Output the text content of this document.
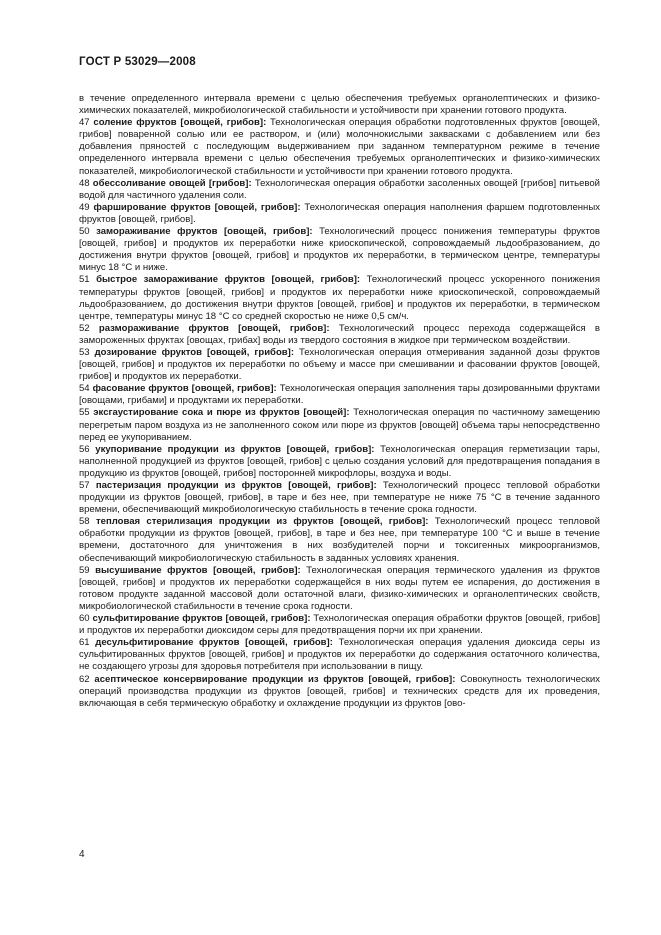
ГОСТ Р 53029—2008

в течение определенного интервала времени с целью обеспечения требуемых органолептических и физико-химических показателей, микробиологической стабильности и устойчивости при хранении готового продукта.

47 соление фруктов [овощей, грибов]: Технологическая операция обработки подготовленных фруктов [овощей, грибов] поваренной солью или ее раствором, и (или) молочнокислыми заквасками с добавлением или без добавления пряностей с последующим выдерживанием при заданном температурном режиме в течение определенного интервала времени с целью обеспечения требуемых органолептических и физико-химических показателей, микробиологической стабильности и устойчивости при хранении готового продукта.

48 обессоливание овощей [грибов]: Технологическая операция обработки засоленных овощей [грибов] питьевой водой для частичного удаления соли.

49 фарширование фруктов [овощей, грибов]: Технологическая операция наполнения фаршем подготовленных фруктов [овощей, грибов].

50 замораживание фруктов [овощей, грибов]: Технологический процесс понижения температуры фруктов [овощей, грибов] и продуктов их переработки ниже криоскопической, сопровождаемый льдообразованием, до достижения внутри фруктов [овощей, грибов] и продуктов их переработки, в термическом центре, температуры минус 18 °С и ниже.

51 быстрое замораживание фруктов [овощей, грибов]: Технологический процесс ускоренного понижения температуры фруктов [овощей, грибов] и продуктов их переработки ниже криоскопической, сопровождаемый льдообразованием, до достижения внутри фруктов [овощей, грибов] и продуктов их переработки, в термическом центре, температуры минус 18 °С со средней скоростью не ниже 0,5 см/ч.

52 размораживание фруктов [овощей, грибов]: Технологический процесс перехода содержащейся в замороженных фруктах [овощах, грибах] воды из твердого состояния в жидкое при термическом воздействии.

53 дозирование фруктов [овощей, грибов]: Технологическая операция отмеривания заданной дозы фруктов [овощей, грибов] и продуктов их переработки по объему и массе при смешивании и фасовании фруктов [овощей, грибов] и продуктов их переработки.

54 фасование фруктов [овощей, грибов]: Технологическая операция заполнения тары дозированными фруктами [овощами, грибами] и продуктами их переработки.

55 эксгаустирование сока и пюре из фруктов [овощей]: Технологическая операция по частичному замещению перегретым паром воздуха из не заполненного соком или пюре из фруктов [овощей] объема тары непосредственно перед ее укупориванием.

56 укупоривание продукции из фруктов [овощей, грибов]: Технологическая операция герметизации тары, наполненной продукцией из фруктов [овощей, грибов] с целью создания условий для предотвращения попадания в продукцию из фруктов [овощей, грибов] посторонней микрофлоры, воздуха и воды.

57 пастеризация продукции из фруктов [овощей, грибов]: Технологический процесс тепловой обработки продукции из фруктов [овощей, грибов], в таре и без нее, при температуре не ниже 75 °С в течение заданного времени, обеспечивающий микробиологическую стабильность в течение срока годности.

58 тепловая стерилизация продукции из фруктов [овощей, грибов]: Технологический процесс тепловой обработки продукции из фруктов [овощей, грибов], в таре и без нее, при температуре 100 °С и выше в течение времени, достаточного для уничтожения в них возбудителей порчи и токсигенных микроорганизмов, обеспечивающий микробиологическую стабильность в заданных условиях хранения.

59 высушивание фруктов [овощей, грибов]: Технологическая операция термического удаления из фруктов [овощей, грибов] и продуктов их переработки содержащейся в них воды путем ее испарения, до достижения в готовом продукте заданной массовой доли остаточной влаги, физико-химических и органолептических свойств, микробиологической стабильности в течение срока годности.

60 сульфитирование фруктов [овощей, грибов]: Технологическая операция обработки фруктов [овощей, грибов] и продуктов их переработки диоксидом серы для предотвращения порчи их при хранении.

61 десульфитирование фруктов [овощей, грибов]: Технологическая операция удаления диоксида серы из сульфитированных фруктов [овощей, грибов] и продуктов их переработки до содержания остаточного количества, не создающего угрозы для здоровья потребителя при использовании в пищу.

62 асептическое консервирование продукции из фруктов [овощей, грибов]: Совокупность технологических операций производства продукции из фруктов [овощей, грибов] и технических средств для их проведения, включающая в себя термическую обработку и охлаждение продукции из фруктов [ово-

4
